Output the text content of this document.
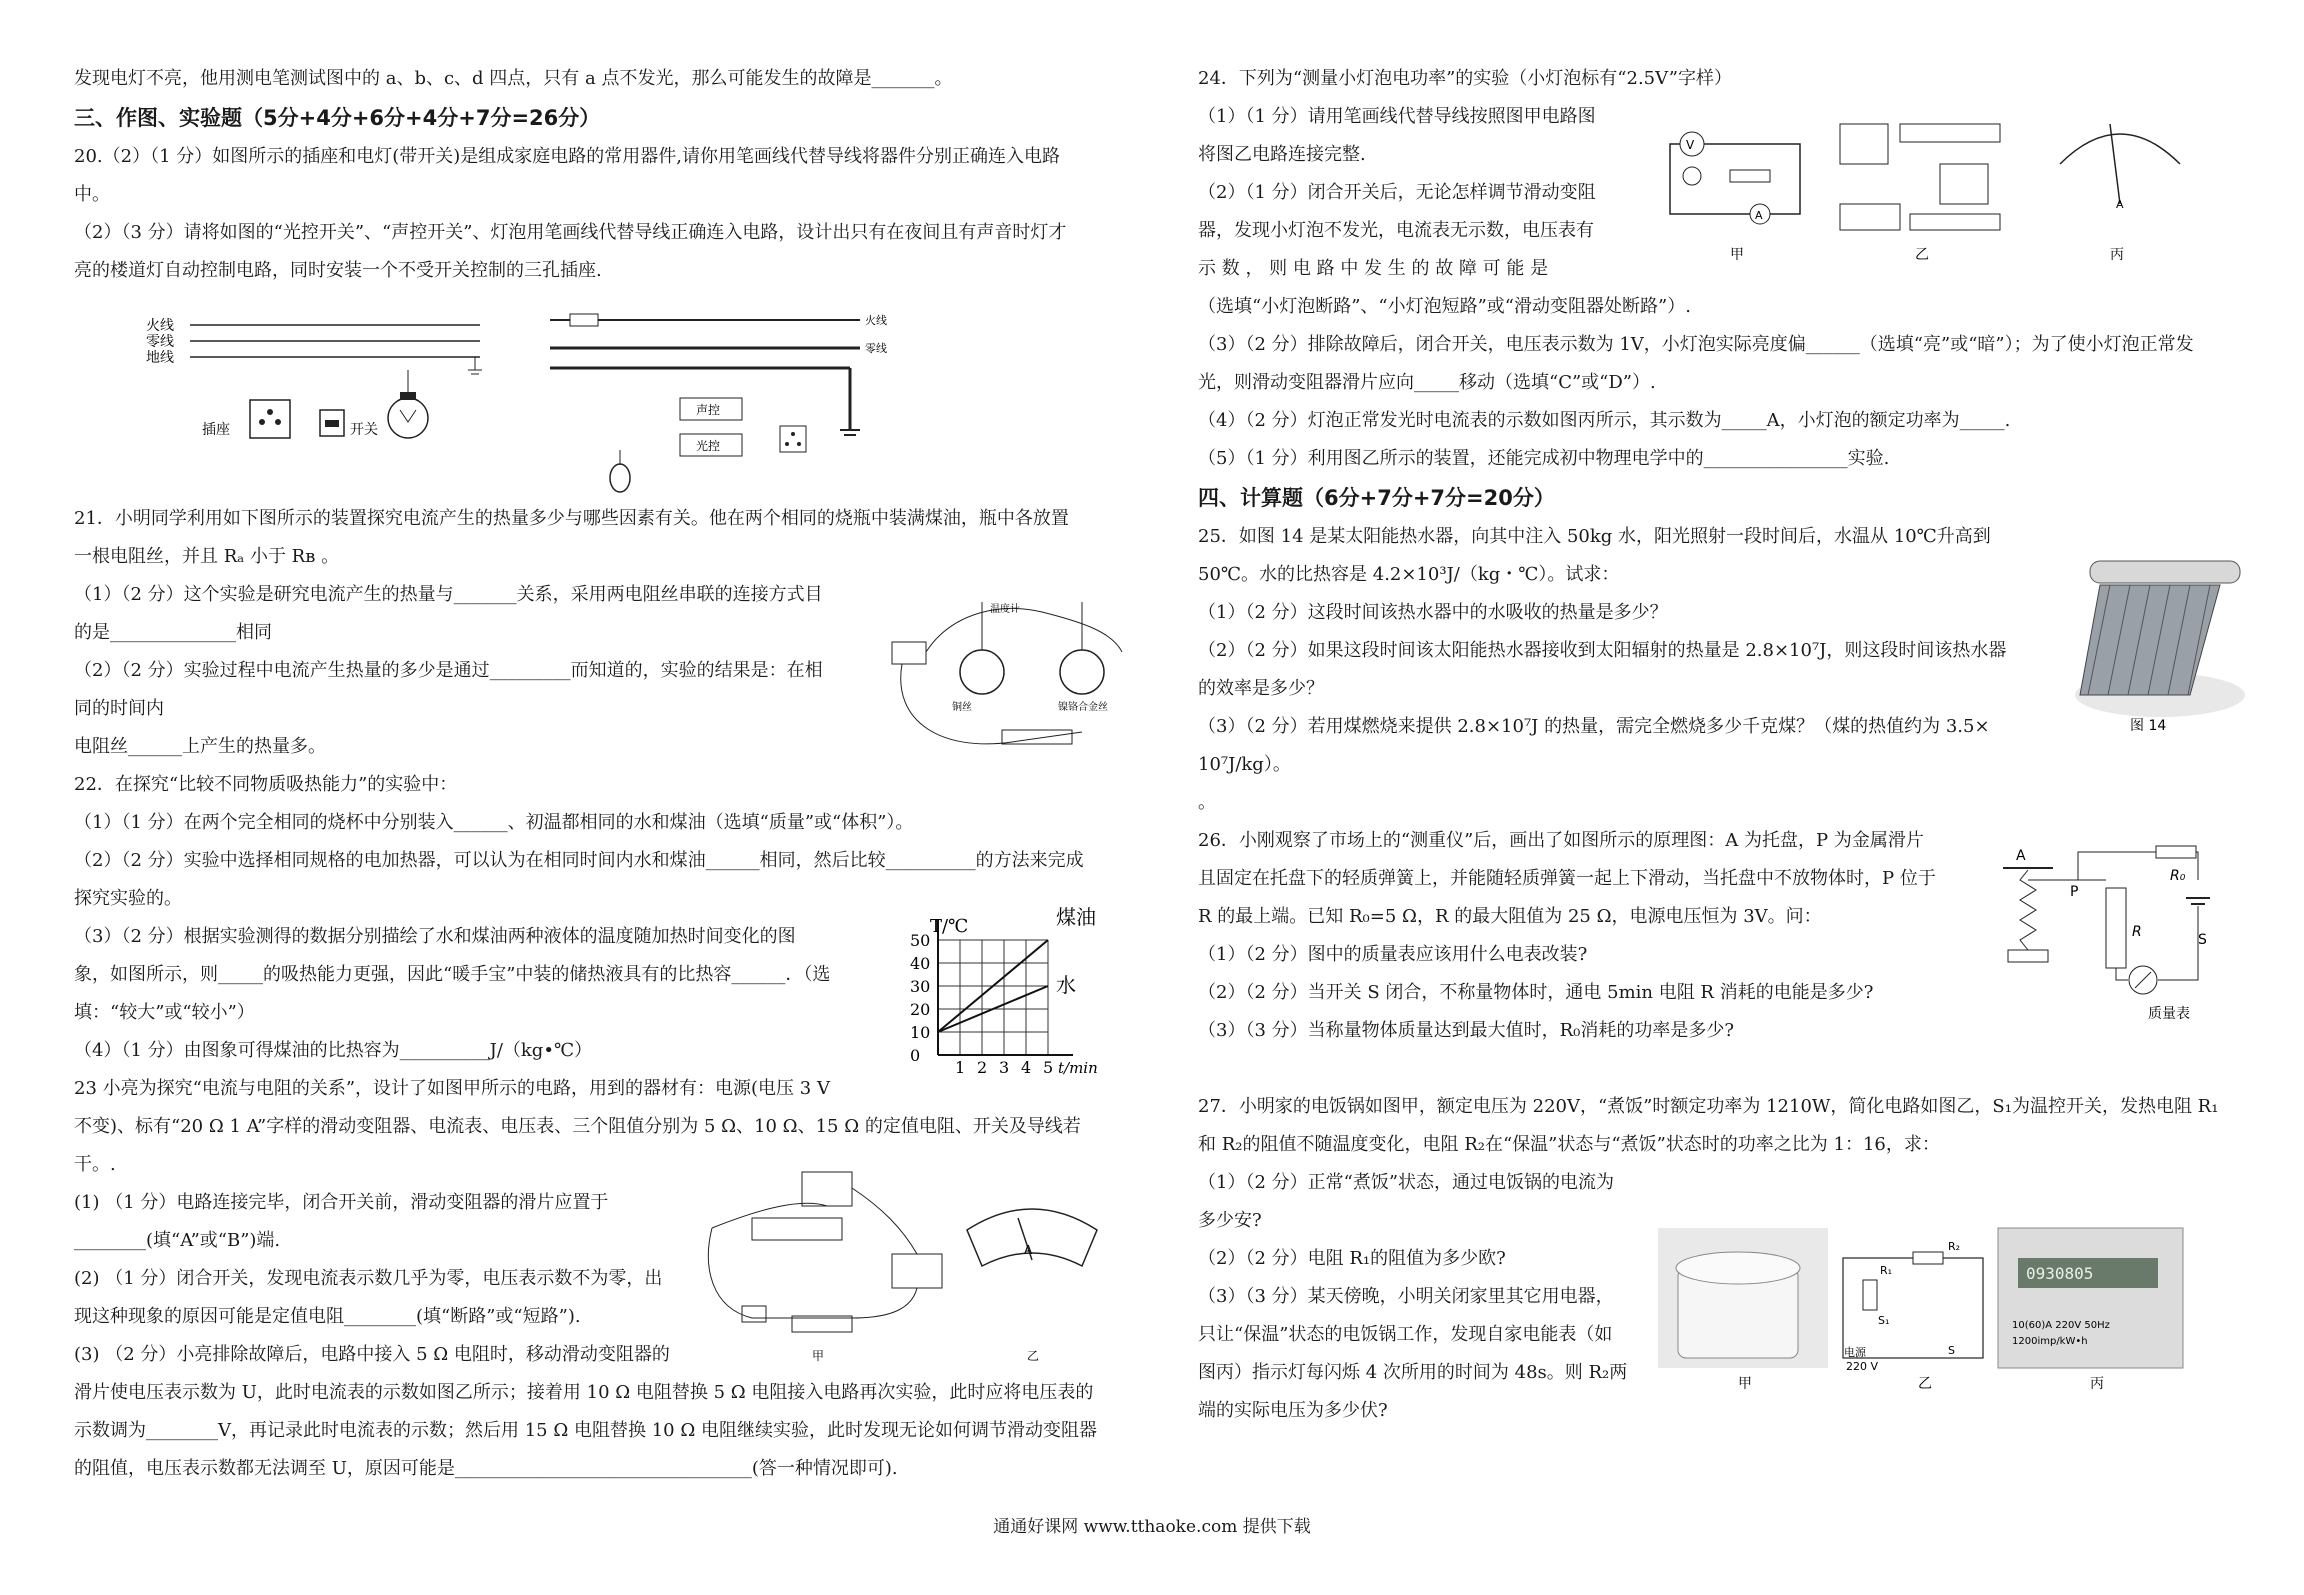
发现电灯不亮，他用测电笔测试图中的 a、b、c、d 四点，只有 a 点不发光，那么可能发生的故障是_______。
三、作图、实验题（5分+4分+6分+4分+7分=26分）
20.（2）（1 分）如图所示的插座和电灯(带开关)是组成家庭电路的常用器件,请你用笔画线代替导线将器件分别正确连入电路
中。
（2）（3 分）请将如图的“光控开关”、“声控开关”、灯泡用笔画线代替导线正确连入电路，设计出只有在夜间且有声音时灯才
亮的楼道灯自动控制电路，同时安装一个不受开关控制的三孔插座.
21．小明同学利用如下图所示的装置探究电流产生的热量多少与哪些因素有关。他在两个相同的烧瓶中装满煤油，瓶中各放置
一根电阻丝，并且 Rₐ 小于 Rʙ 。
（1）（2 分）这个实验是研究电流产生的热量与_______关系，采用两电阻丝串联的连接方式目
的是______________相同
（2）（2 分）实验过程中电流产生热量的多少是通过_________而知道的，实验的结果是：在相
同的时间内
电阻丝______上产生的热量多。
22．在探究“比较不同物质吸热能力”的实验中：
（1）（1 分）在两个完全相同的烧杯中分别装入______、初温都相同的水和煤油（选填“质量”或“体积”）。
（2）（2 分）实验中选择相同规格的电加热器，可以认为在相同时间内水和煤油______相同，然后比较__________的方法来完成
探究实验的。
（3）（2 分）根据实验测得的数据分别描绘了水和煤油两种液体的温度随加热时间变化的图
象，如图所示，则_____的吸热能力更强，因此“暖手宝”中装的储热液具有的比热容______．（选
填：“较大”或“较小”）
（4）（1 分）由图象可得煤油的比热容为__________J/（kg•℃）
23 小亮为探究“电流与电阻的关系”，设计了如图甲所示的电路，用到的器材有：电源(电压 3 V
不变)、标有“20 Ω 1 A”字样的滑动变阻器、电流表、电压表、三个阻值分别为 5 Ω、10 Ω、15 Ω 的定值电阻、开关及导线若
干。.
(1) （1 分）电路连接完毕，闭合开关前，滑动变阻器的滑片应置于
________(填“A”或“B”)端.
(2) （1 分）闭合开关，发现电流表示数几乎为零，电压表示数不为零，出
现这种现象的原因可能是定值电阻________(填“断路”或“短路”).
(3) （2 分）小亮排除故障后，电路中接入 5 Ω 电阻时，移动滑动变阻器的
滑片使电压表示数为 U，此时电流表的示数如图乙所示；接着用 10 Ω 电阻替换 5 Ω 电阻接入电路再次实验，此时应将电压表的
示数调为________V，再记录此时电流表的示数；然后用 15 Ω 电阻替换 10 Ω 电阻继续实验，此时发现无论如何调节滑动变阻器
的阻值，电压表示数都无法调至 U，原因可能是_________________________________(答一种情况即可).
火线
零线
地线
插座	开关
火线
零线
声控
光控
温度计
铜丝	镍铬合金丝
T/℃
t/min
0
10
20
30
40
50
1 2 3 4 5
煤油
水
甲
A
乙
24．下列为“测量小灯泡电功率”的实验（小灯泡标有“2.5V”字样）
（1）（1 分）请用笔画线代替导线按照图甲电路图
将图乙电路连接完整.
（2）（1 分）闭合开关后，无论怎样调节滑动变阻
器，发现小灯泡不发光，电流表无示数，电压表有
示 数 ， 则 电 路 中 发 生 的 故 障 可 能 是
（选填“小灯泡断路”、“小灯泡短路”或“滑动变阻器处断路”）.
（3）（2 分）排除故障后，闭合开关，电压表示数为 1V，小灯泡实际亮度偏______（选填“亮”或“暗”）；为了使小灯泡正常发
光，则滑动变阻器滑片应向_____移动（选填“C”或“D”）.
（4）（2 分）灯泡正常发光时电流表的示数如图丙所示，其示数为_____A，小灯泡的额定功率为_____.
（5）（1 分）利用图乙所示的装置，还能完成初中物理电学中的________________实验.
四、计算题（6分+7分+7分=20分）
25．如图 14 是某太阳能热水器，向其中注入 50kg 水，阳光照射一段时间后，水温从 10℃升高到
50℃。水的比热容是 4.2×10³J/（kg・℃）。试求：
（1）（2 分）这段时间该热水器中的水吸收的热量是多少？
（2）（2 分）如果这段时间该太阳能热水器接收到太阳辐射的热量是 2.8×10⁷J，则这段时间该热水器
的效率是多少？
（3）（2 分）若用煤燃烧来提供 2.8×10⁷J 的热量，需完全燃烧多少千克煤？（煤的热值约为 3.5×
10⁷J/kg）。
。
26．小刚观察了市场上的“测重仪”后，画出了如图所示的原理图：A 为托盘，P 为金属滑片
且固定在托盘下的轻质弹簧上，并能随轻质弹簧一起上下滑动，当托盘中不放物体时，P 位于
R 的最上端。已知 R₀=5 Ω，R 的最大阻值为 25 Ω，电源电压恒为 3V。问：
（1）（2 分）图中的质量表应该用什么电表改装?
（2）（2 分）当开关 S 闭合，不称量物体时，通电 5min 电阻 R 消耗的电能是多少?
（3）（3 分）当称量物体质量达到最大值时，R₀消耗的功率是多少?
27．小明家的电饭锅如图甲，额定电压为 220V，“煮饭”时额定功率为 1210W，简化电路如图乙，S₁为温控开关，发热电阻 R₁
和 R₂的阻值不随温度变化，电阻 R₂在“保温”状态与“煮饭”状态时的功率之比为 1：16，求：
（1）（2 分）正常“煮饭”状态，通过电饭锅的电流为
多少安?
（2）（2 分）电阻 R₁的阻值为多少欧?
（3）（3 分）某天傍晚，小明关闭家里其它用电器，
只让“保温”状态的电饭锅工作，发现自家电能表（如
图丙）指示灯每闪烁 4 次所用的时间为 48s。则 R₂两
端的实际电压为多少伏?
V
A
甲	乙
A
丙
图 14
A
P
R
R₀
S
质量表
甲
R₁
R₂
S₁
电源
220 V
S
乙
0930805
10(60)A 220V 50Hz
1200imp/kW•h
丙
通通好课网 www.tthaoke.com 提供下载
